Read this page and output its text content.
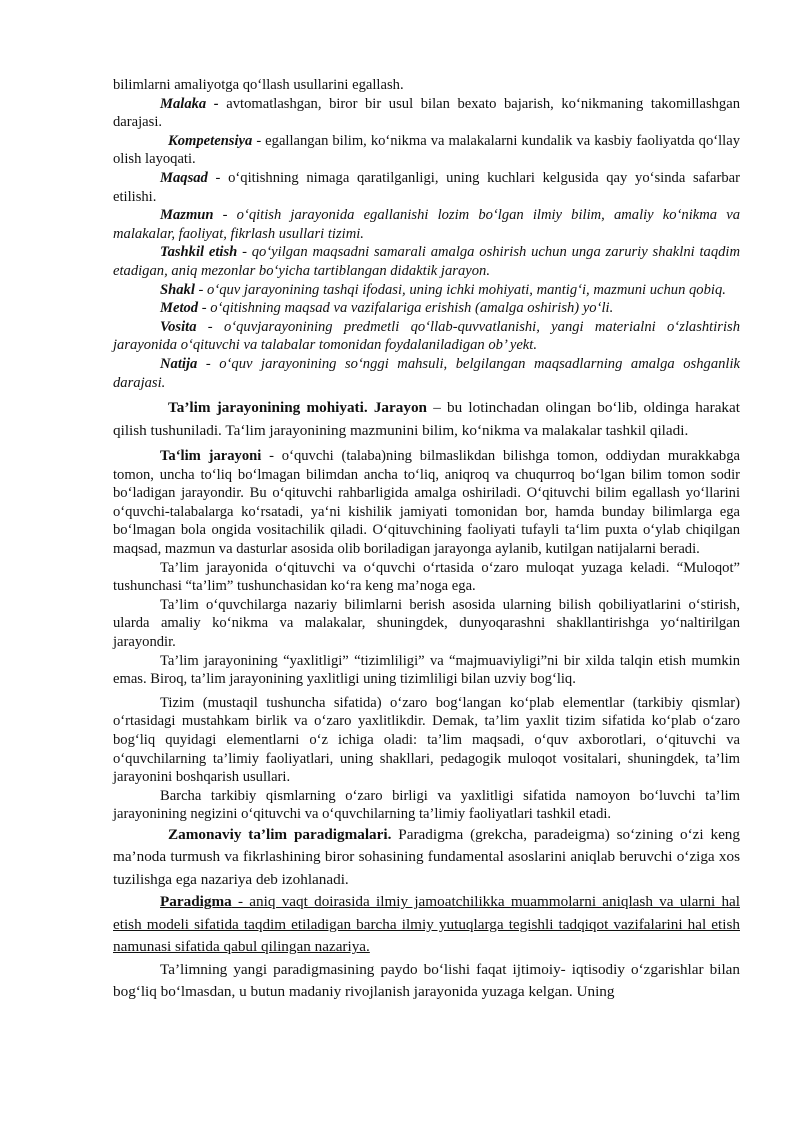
bilimlarni amaliyotga qo‘llash usullarini egallash.

Malaka - avtomatlashgan, biror bir usul bilan bexato bajarish, ko‘nikmaning takomillashgan darajasi.

Kompetensiya - egallangan bilim, ko‘nikma va malakalarni kundalik va kasbiy faoliyatda qo‘llay olish layoqati.

Maqsad - o‘qitishning nimaga qaratilganligi, uning kuchlari kelgusida qay yo‘sinda safarbar etilishi.

Mazmun - o‘qitish jarayonida egallanishi lozim bo‘lgan ilmiy bilim, amaliy ko‘nikma va malakalar, faoliyat, fikrlash usullari tizimi.

Tashkil etish - qo‘yilgan maqsadni samarali amalga oshirish uchun unga zaruriy shaklni taqdim etadigan, aniq mezonlar bo‘yicha tartiblangan didaktik jarayon.

Shakl - o‘quv jarayonining tashqi ifodasi, uning ichki mohiyati, mantig‘i, mazmuni uchun qobiq.

Metod - o‘qitishning maqsad va vazifalariga erishish (amalga oshirish) yo‘li.

Vosita - o‘quvjarayonining predmetli qo‘llab-quvvatlanishi, yangi materialni o‘zlashtirish jarayonida o‘qituvchi va talabalar tomonidan foydalaniladigan ob’ yekt.

Natija - o‘quv jarayonining so‘nggi mahsuli, belgilangan maqsadlarning amalga oshganlik darajasi.

Ta’lim jarayonining mohiyati. Jarayon – bu lotinchadan olingan bo‘lib, oldinga harakat qilish tushuniladi. Ta‘lim jarayonining mazmunini bilim, ko‘nikma va malakalar tashkil qiladi.

Ta‘lim jarayoni - o‘quvchi (talaba)ning bilmaslikdan bilishga tomon, oddiydan murakkabga tomon, uncha to‘liq bo‘lmagan bilimdan ancha to‘liq, aniqroq va chuqurroq bo‘lgan bilim tomon sodir bo‘ladigan jarayondir. Bu o‘qituvchi rahbarligida amalga oshiriladi. O‘qituvchi bilim egallash yo‘llarini o‘quvchi-talabalarga ko‘rsatadi, ya‘ni kishilik jamiyati tomonidan bor, hamda bunday bilimlarga ega bo‘lmagan bola ongida vositachilik qiladi. O‘qituvchining faoliyati tufayli ta‘lim puxta o‘ylab chiqilgan maqsad, mazmun va dasturlar asosida olib boriladigan jarayonga aylanib, kutilgan natijalarni beradi.

Ta’lim jarayonida o‘qituvchi va o‘quvchi o‘rtasida o‘zaro muloqat yuzaga keladi. “Muloqot” tushunchasi “ta’lim” tushunchasidan ko‘ra keng ma’noga ega.

Ta’lim o‘quvchilarga nazariy bilimlarni berish asosida ularning bilish qobiliyatlarini o‘stirish, ularda amaliy ko‘nikma va malakalar, shuningdek, dunyoqarashni shakllantirishga yo‘naltirilgan jarayondir.

Ta’lim jarayonining “yaxlitligi” “tizimliligi” va “majmuaviyligi”ni bir xilda talqin etish mumkin emas. Biroq, ta’lim jarayonining yaxlitligi uning tizimliligi bilan uzviy bog‘liq.

Tizim (mustaqil tushuncha sifatida) o‘zaro bog‘langan ko‘plab elementlar (tarkibiy qismlar) o‘rtasidagi mustahkam birlik va o‘zaro yaxlitlikdir. Demak, ta’lim yaxlit tizim sifatida ko‘plab o‘zaro bog‘liq quyidagi elementlarni o‘z ichiga oladi: ta’lim maqsadi, o‘quv axborotlari, o‘qituvchi va o‘quvchilarning ta’limiy faoliyatlari, uning shakllari, pedagogik muloqot vositalari, shuningdek, ta’lim jarayonini boshqarish usullari.

Barcha tarkibiy qismlarning o‘zaro birligi va yaxlitligi sifatida namoyon bo‘luvchi ta’lim jarayonining negizini o‘qituvchi va o‘quvchilarning ta’limiy faoliyatlari tashkil etadi.

Zamonaviy ta’lim paradigmalari. Paradigma (grekcha, paradeigma) so‘zining o‘zi keng ma’noda turmush va fikrlashining biror sohasining fundamental asoslarini aniqlab beruvchi o‘ziga xos tuzilishga ega nazariya deb izohlanadi.

Paradigma - aniq vaqt doirasida ilmiy jamoatchilikka muammolarni aniqlash va ularni hal etish modeli sifatida taqdim etiladigan barcha ilmiy yutuqlarga tegishli tadqiqot vazifalarini hal etish namunasi sifatida qabul qilingan nazariya.

Ta’limning yangi paradigmasining paydo bo‘lishi faqat ijtimoiy- iqtisodiy o‘zgarishlar bilan bog‘liq bo‘lmasdan, u butun madaniy rivojlanish jarayonida yuzaga kelgan. Uning
